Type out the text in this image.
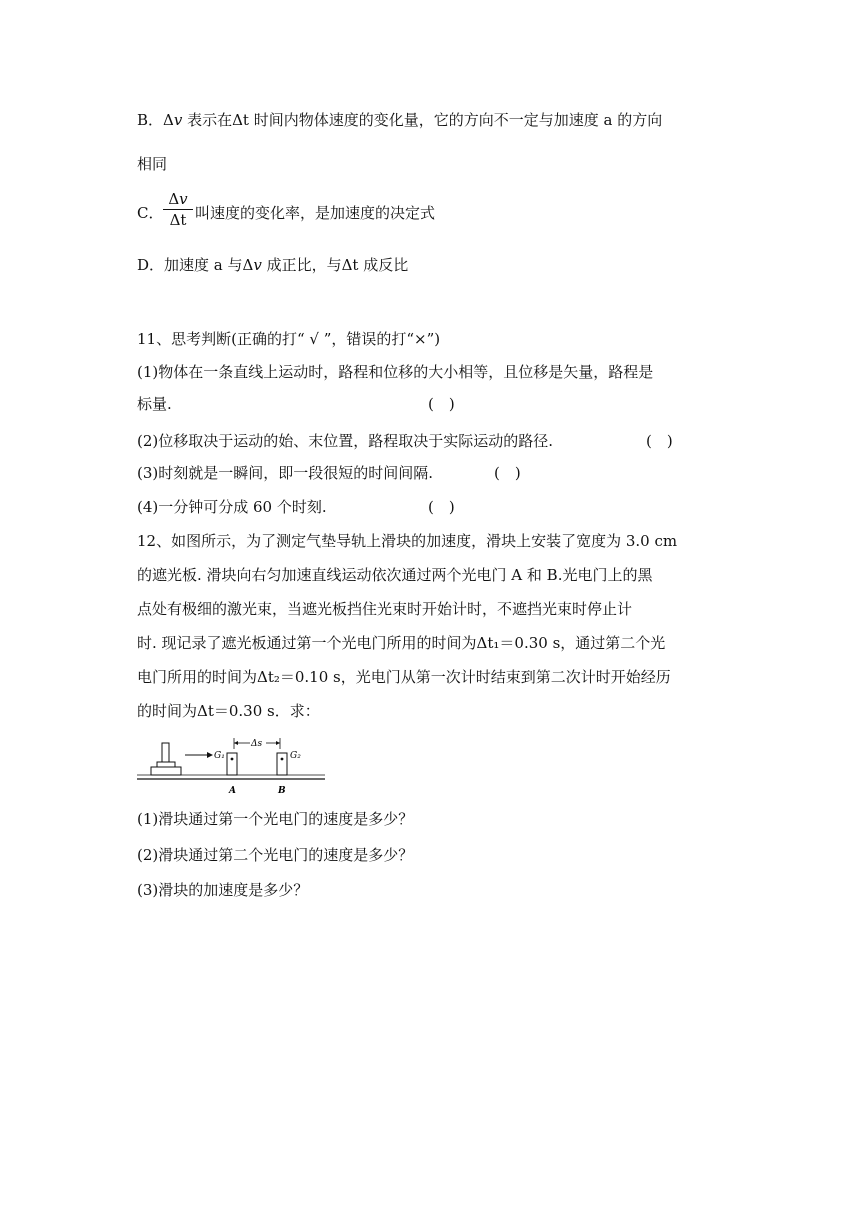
B．Δ𝑣 表示在Δt 时间内物体速度的变化量，它的方向不一定与加速度 a 的方向
相同
C．
Δ𝑣
Δt 叫速度的变化率，是加速度的决定式
D．加速度 a 与Δ𝑣 成正比，与Δt 成反比
11、思考判断(正确的打“ √ ”，错误的打“×”)
(1)物体在一条直线上运动时，路程和位移的大小相等，且位移是矢量，路程是
标量.	(　)
(2)位移取决于运动的始、末位置，路程取决于实际运动的路径.	(　)
(3)时刻就是一瞬间，即一段很短的时间间隔.	(　)
(4)一分钟可分成 60 个时刻.	(　)
12、如图所示，为了测定气垫导轨上滑块的加速度，滑块上安装了宽度为 3.0 cm
的遮光板. 滑块向右匀加速直线运动依次通过两个光电门 A 和 B.光电门上的黑
点处有极细的激光束，当遮光板挡住光束时开始计时，不遮挡光束时停止计
时. 现记录了遮光板通过第一个光电门所用的时间为Δt₁＝0.30 s，通过第二个光
电门所用的时间为Δt₂＝0.10 s，光电门从第一次计时结束到第二次计时开始经历
的时间为Δt＝0.30 s．求：
Δs
G₁	G₂
A	B
(1)滑块通过第一个光电门的速度是多少？
(2)滑块通过第二个光电门的速度是多少？
(3)滑块的加速度是多少？
